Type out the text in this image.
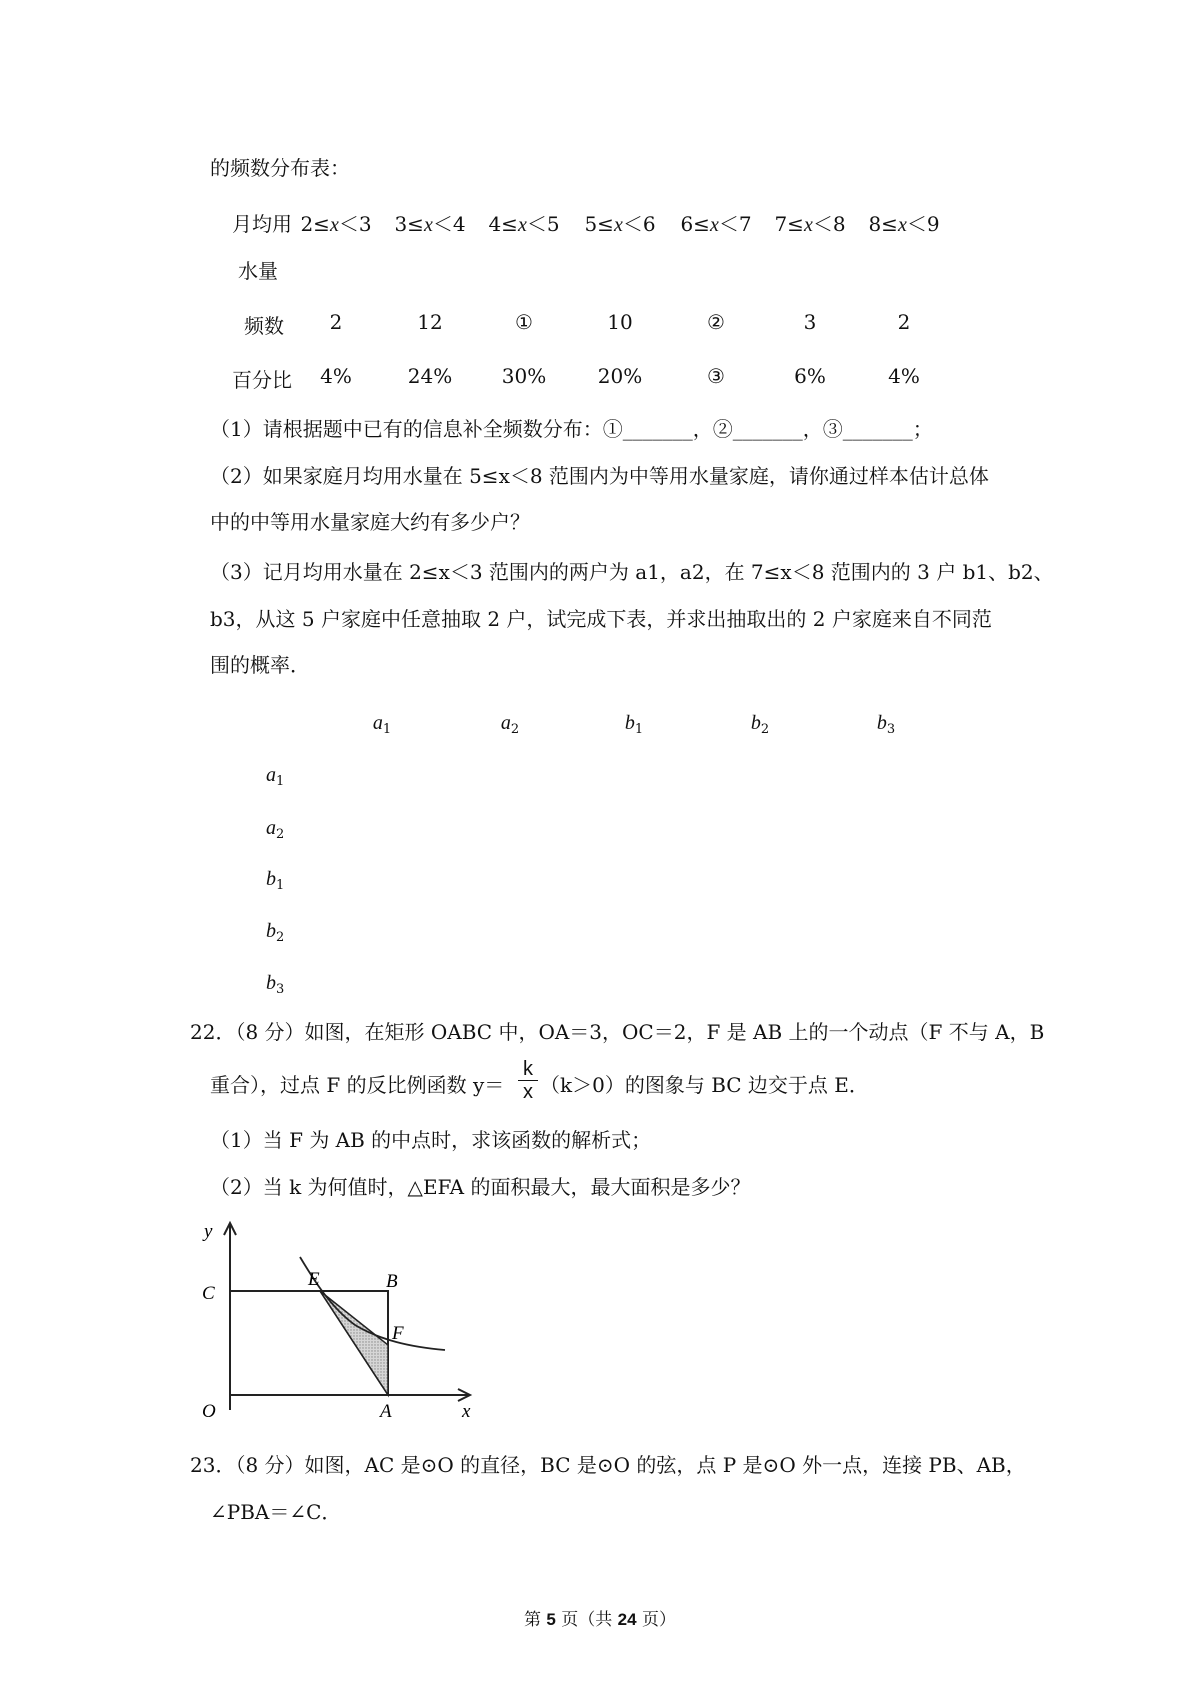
的频数分布表：
月均用
水量
2≤x＜3	3≤x＜4	4≤x＜5	5≤x＜6	6≤x＜7	7≤x＜8	8≤x＜9
频数	2	12	①	10	②	3	2
百分比	4%	24%	30%	20%	③	6%	4%
（1）请根据题中已有的信息补全频数分布：①_______，②_______，③_______；
（2）如果家庭月均用水量在 5≤x＜8 范围内为中等用水量家庭，请你通过样本估计总体
中的中等用水量家庭大约有多少户？
（3）记月均用水量在 2≤x＜3 范围内的两户为 a1，a2，在 7≤x＜8 范围内的 3 户 b1、b2、
b3，从这 5 户家庭中任意抽取 2 户，试完成下表，并求出抽取出的 2 户家庭来自不同范
围的概率．
$a_1$	$a_2$	$b_1$	$b_2$	$b_3$
$a_1$
$a_2$
$b_1$
$b_2$
$b_3$
22．（8 分）如图，在矩形 OABC 中，OA＝3，OC＝2，F 是 AB 上的一个动点（F 不与 A，B
重合），过点 F 的反比例函数 y＝
k
x （k＞0）的图象与 BC 边交于点 E．
（1）当 F 为 AB 的中点时，求该函数的解析式；
（2）当 k 为何值时，△EFA 的面积最大，最大面积是多少？
y
C
O	A	x
E	B
F
23．（8 分）如图，AC 是⊙O 的直径，BC 是⊙O 的弦，点 P 是⊙O 外一点，连接 PB、AB，
∠PBA＝∠C．
第 5 页（共 24 页）
